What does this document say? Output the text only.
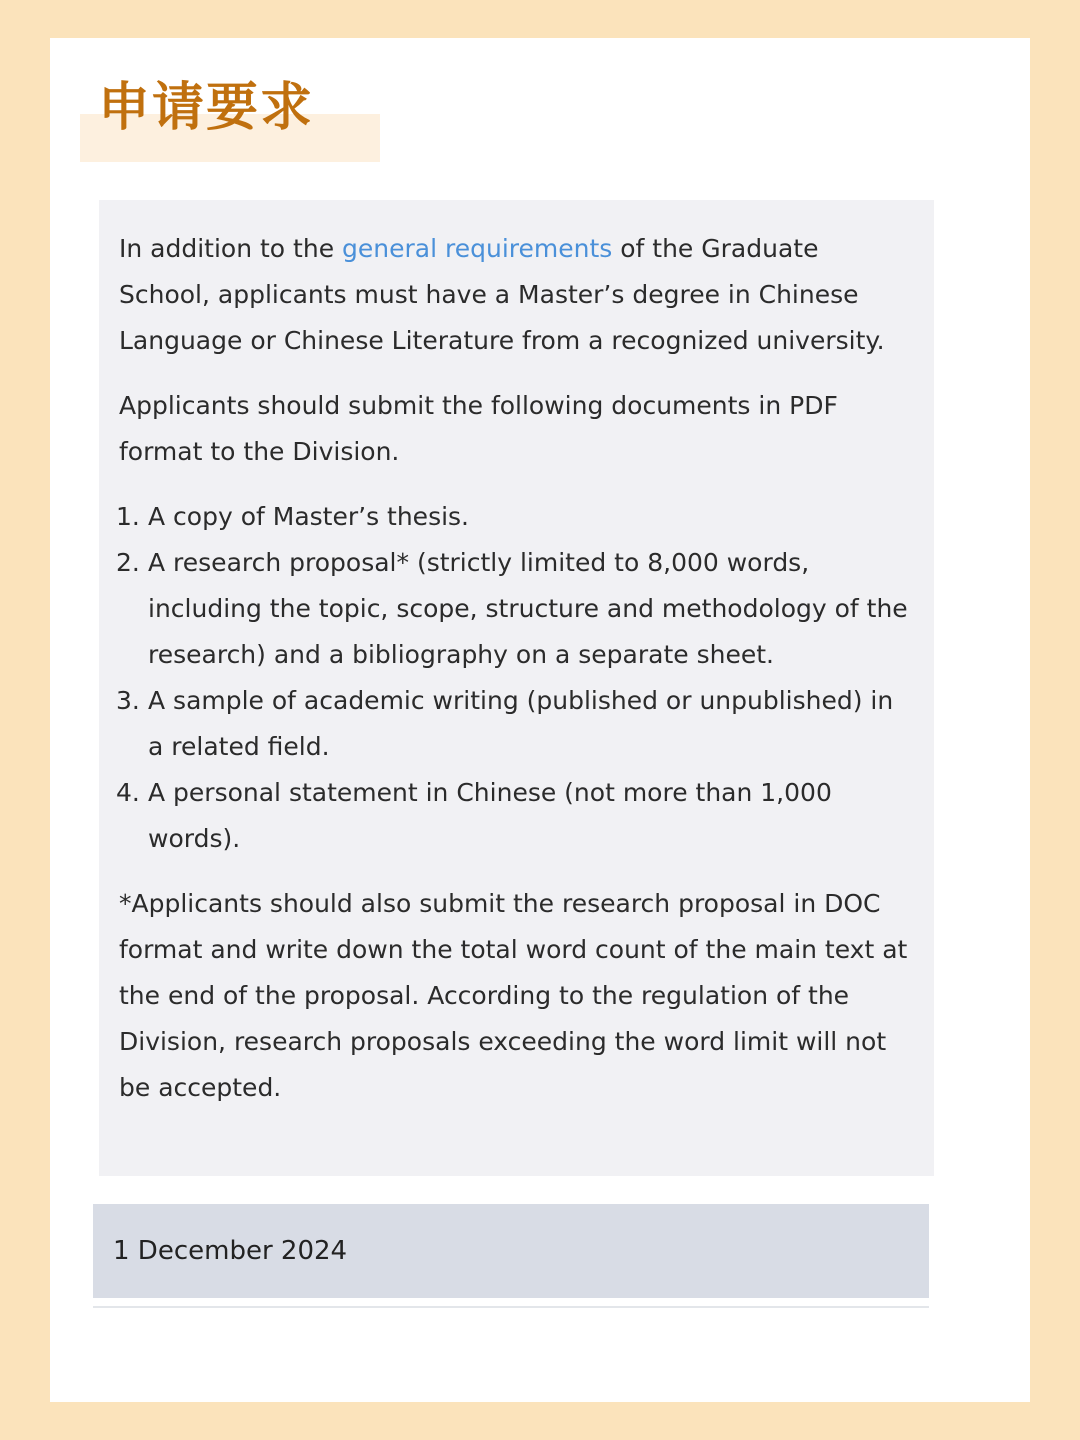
申请要求

In addition to the general requirements of the Graduate School, applicants must have a Master’s degree in Chinese Language or Chinese Literature from a recognized university.

Applicants should submit the following documents in PDF format to the Division.

1. A copy of Master’s thesis.
2. A research proposal* (strictly limited to 8,000 words, including the topic, scope, structure and methodology of the research) and a bibliography on a separate sheet.
3. A sample of academic writing (published or unpublished) in a related field.
4. A personal statement in Chinese (not more than 1,000 words).

*Applicants should also submit the research proposal in DOC format and write down the total word count of the main text at the end of the proposal. According to the regulation of the Division, research proposals exceeding the word limit will not be accepted.

1 December 2024
